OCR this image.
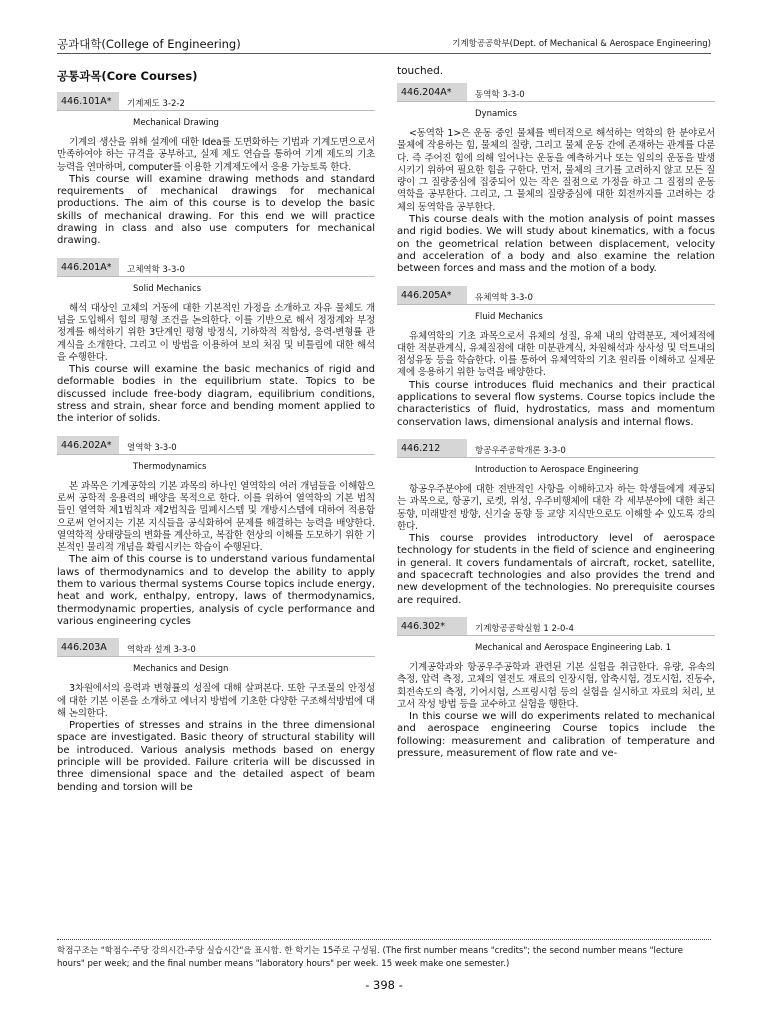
공과대학(College of Engineering)	기계항공공학부(Dept. of Mechanical & Aerospace Engineering)
공통과목(Core Courses)
446.101A*	기계제도 3-2-2
Mechanical Drawing

기계의 생산을 위해 설계에 대한 Idea를 도면화하는 기법과 기계도면으로서 만족하여야 하는 규격을 공부하고, 실제 제도 연습을 통하여 기계 제도의 기초 능력을 연마하며, computer를 이용한 기계제도에서 응용 가능토록 한다.

This course will examine drawing methods and standard requirements of mechanical drawings for mechanical productions. The aim of this course is to develop the basic skills of mechanical drawing. For this end we will practice drawing in class and also use computers for mechanical drawing.

446.201A*	고체역학 3-3-0
Solid Mechanics

해석 대상인 고체의 거동에 대한 기본적인 가정을 소개하고 자유 물체도 개념을 도입해서 힘의 평형 조건을 논의한다. 이를 기반으로 해서 정정계와 부정정계를 해석하기 위한 3단계인 평형 방정식, 기하학적 적합성, 응력-변형률 관계식을 소개한다. 그리고 이 방법을 이용하여 보의 처짐 및 비틀림에 대한 해석을 수행한다.

This course will examine the basic mechanics of rigid and deformable bodies in the equilibrium state. Topics to be discussed include free-body diagram, equilibrium conditions, stress and strain, shear force and bending moment applied to the interior of solids.

446.202A*	열역학 3-3-0
Thermodynamics

본 과목은 기계공학의 기본 과목의 하나인 열역학의 여러 개념들을 이해함으로써 공학적 응용력의 배양을 목적으로 한다. 이를 위하여 열역학의 기본 법칙들인 열역학 제1법칙과 제2법칙을 밀폐시스템 및 개방시스템에 대하여 적용함으로써 얻어지는 기본 지식들을 공식화하여 문제를 해결하는 능력을 배양한다. 열역학적 상태량들의 변화를 계산하고, 복잡한 현상의 이해를 도모하기 위한 기본적인 물리적 개념을 확립시키는 학습이 수행된다.

The aim of this course is to understand various fundamental laws of thermodynamics and to develop the ability to apply them to various thermal systems Course topics include energy, heat and work, enthalpy, entropy, laws of thermodynamics, thermodynamic properties, analysis of cycle performance and various engineering cycles

446.203A	역학과 설계 3-3-0
Mechanics and Design

3차원에서의 응력과 변형률의 성질에 대해 살펴본다. 또한 구조물의 안정성에 대한 기본 이론을 소개하고 에너지 방법에 기초한 다양한 구조해석방법에 대해 논의한다.

Properties of stresses and strains in the three dimensional space are investigated. Basic theory of structural stability will be introduced. Various analysis methods based on energy principle will be provided. Failure criteria will be discussed in three dimensional space and the detailed aspect of beam bending and torsion will be

touched.
446.204A*	동역학 3-3-0
Dynamics

<동역학 1>은 운동 중인 물체를 벡터적으로 해석하는 역학의 한 분야로서 물체에 작용하는 힘, 물체의 질량, 그리고 물체 운동 간에 존재하는 관계를 다룬다. 즉 주어진 힘에 의해 일어나는 운동을 예측하거나 또는 임의의 운동을 발생시키기 위하여 필요한 힘을 구한다. 먼저, 물체의 크기를 고려하지 않고 모든 질량이 그 질량중심에 집중되어 있는 작은 질점으로 가정을 하고 그 질점의 운동역학을 공부한다. 그리고, 그 물체의 질량중심에 대한 회전까지를 고려하는 강체의 동역학을 공부한다.

This course deals with the motion analysis of point masses and rigid bodies. We will study about kinematics, with a focus on the geometrical relation between displacement, velocity and acceleration of a body and also examine the relation between forces and mass and the motion of a body.

446.205A*	유체역학 3-3-0
Fluid Mechanics

유체역학의 기초 과목으로서 유체의 성질, 유체 내의 압력분포, 제어체적에 대한 적분관계식, 유체질점에 대한 미분관계식, 차원해석과 상사성 및 덕트내의 점성유동 등을 학습한다. 이를 통하여 유체역학의 기초 원리를 이해하고 실제문제에 응용하기 위한 능력을 배양한다.

This course introduces fluid mechanics and their practical applications to several flow systems. Course topics include the characteristics of fluid, hydrostatics, mass and momentum conservation laws, dimensional analysis and internal flows.

446.212	항공우주공학개론 3-3-0
Introduction to Aerospace Engineering

항공우주분야에 대한 전반적인 사항을 이해하고자 하는 학생들에게 제공되는 과목으로, 항공기, 로켓, 위성, 우주비행체에 대한 각 세부분야에 대한 최근 동향, 미래발전 방향, 신기술 동향 등 교양 지식만으로도 이해할 수 있도록 강의한다.

This course provides introductory level of aerospace technology for students in the field of science and engineering in general. It covers fundamentals of aircraft, rocket, satellite, and spacecraft technologies and also provides the trend and new development of the technologies. No prerequisite courses are required.

446.302*	기계항공공학실험 1 2-0-4
Mechanical and Aerospace Engineering Lab. 1

기계공학과와 항공우주공학과 관련된 기본 실험을 취급한다. 유량, 유속의 측정, 압력 측정, 고체의 열전도 재료의 인장시험, 압축시험, 경도시험, 진동수, 회전속도의 측정, 기어시험, 스프링시험 등의 실험을 실시하고 자료의 처리, 보고서 작성 방법 등을 교수하고 실험을 행한다.

In this course we will do experiments related to mechanical and aerospace engineering Course topics include the following: measurement and calibration of temperature and pressure, measurement of flow rate and ve-

학점구조는 "학점수-주당 강의시간-주당 실습시간"을 표시함. 한 학기는 15주로 구성됨. (The first number means "credits"; the second number means "lecture hours" per week; and the final number means "laboratory hours" per week. 15 week make one semester.)
- 398 -
